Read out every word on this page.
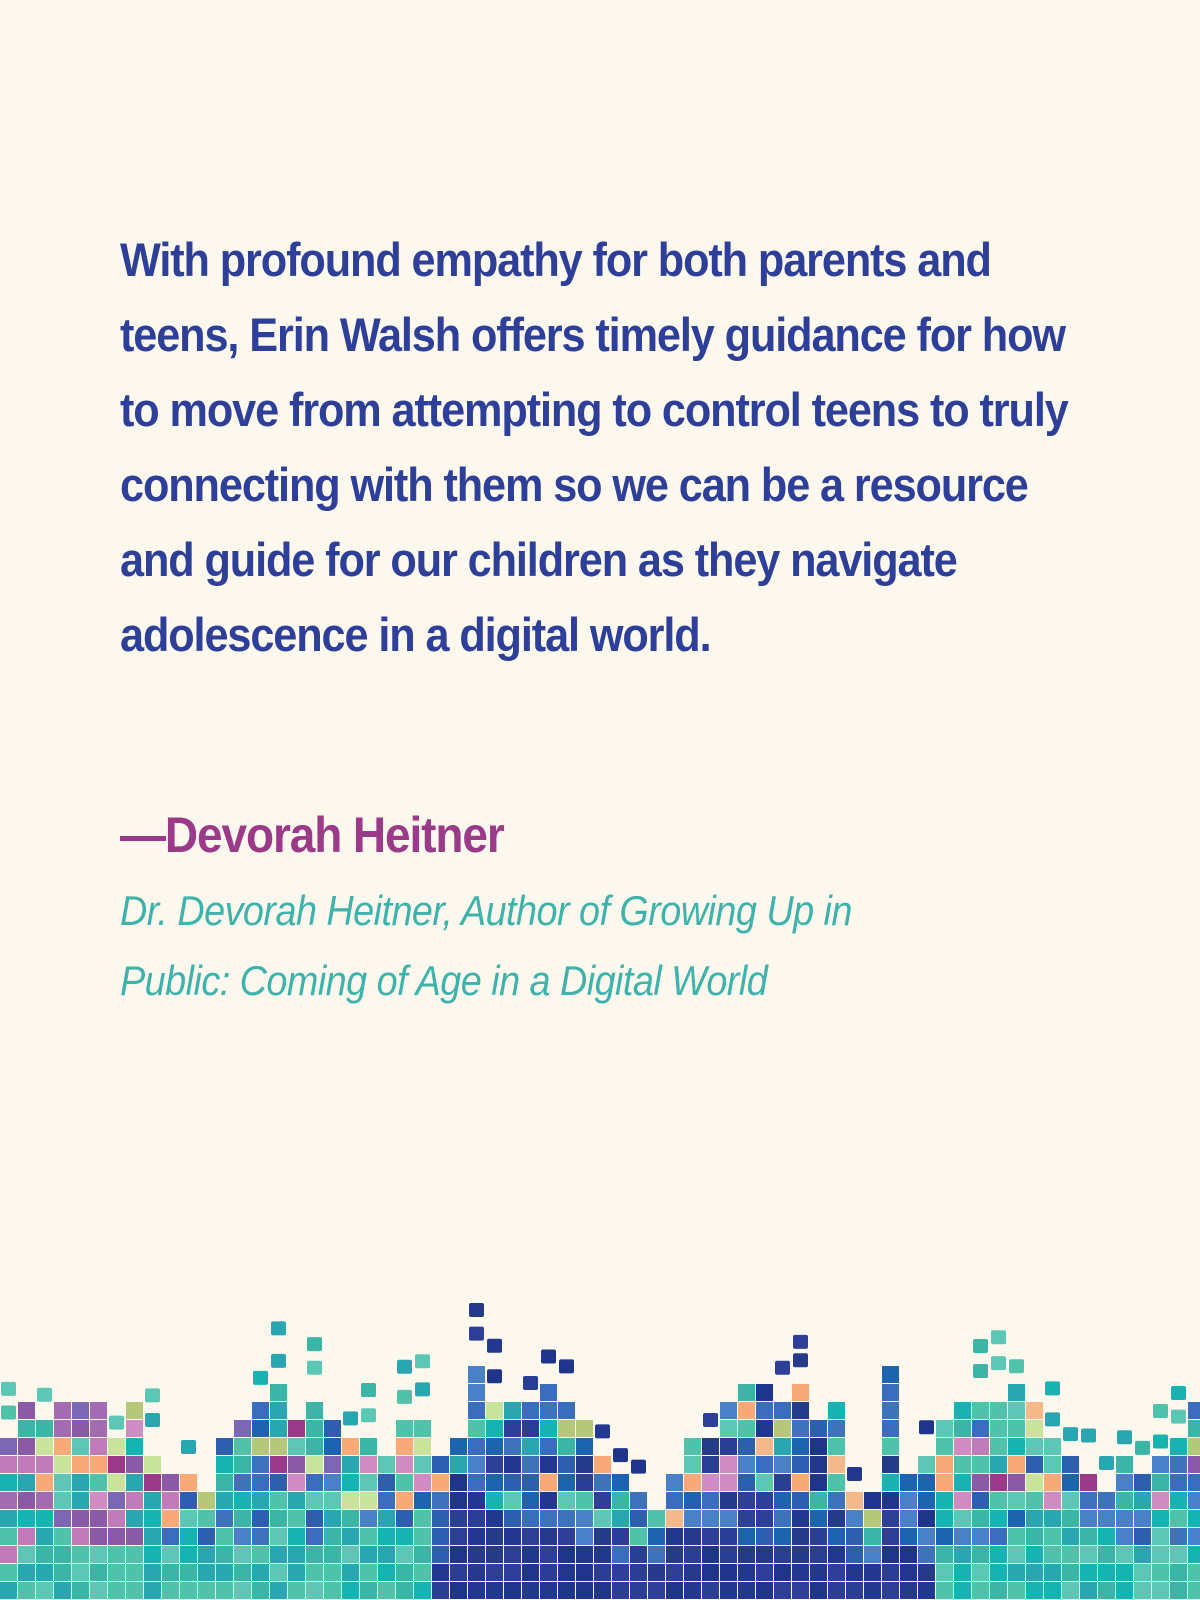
With profound empathy for both parents and teens, Erin Walsh offers timely guidance for how to move from attempting to control teens to truly connecting with them so we can be a resource and guide for our children as they navigate adolescence in a digital world.

—Devorah Heitner

Dr. Devorah Heitner, Author of Growing Up in Public: Coming of Age in a Digital World
